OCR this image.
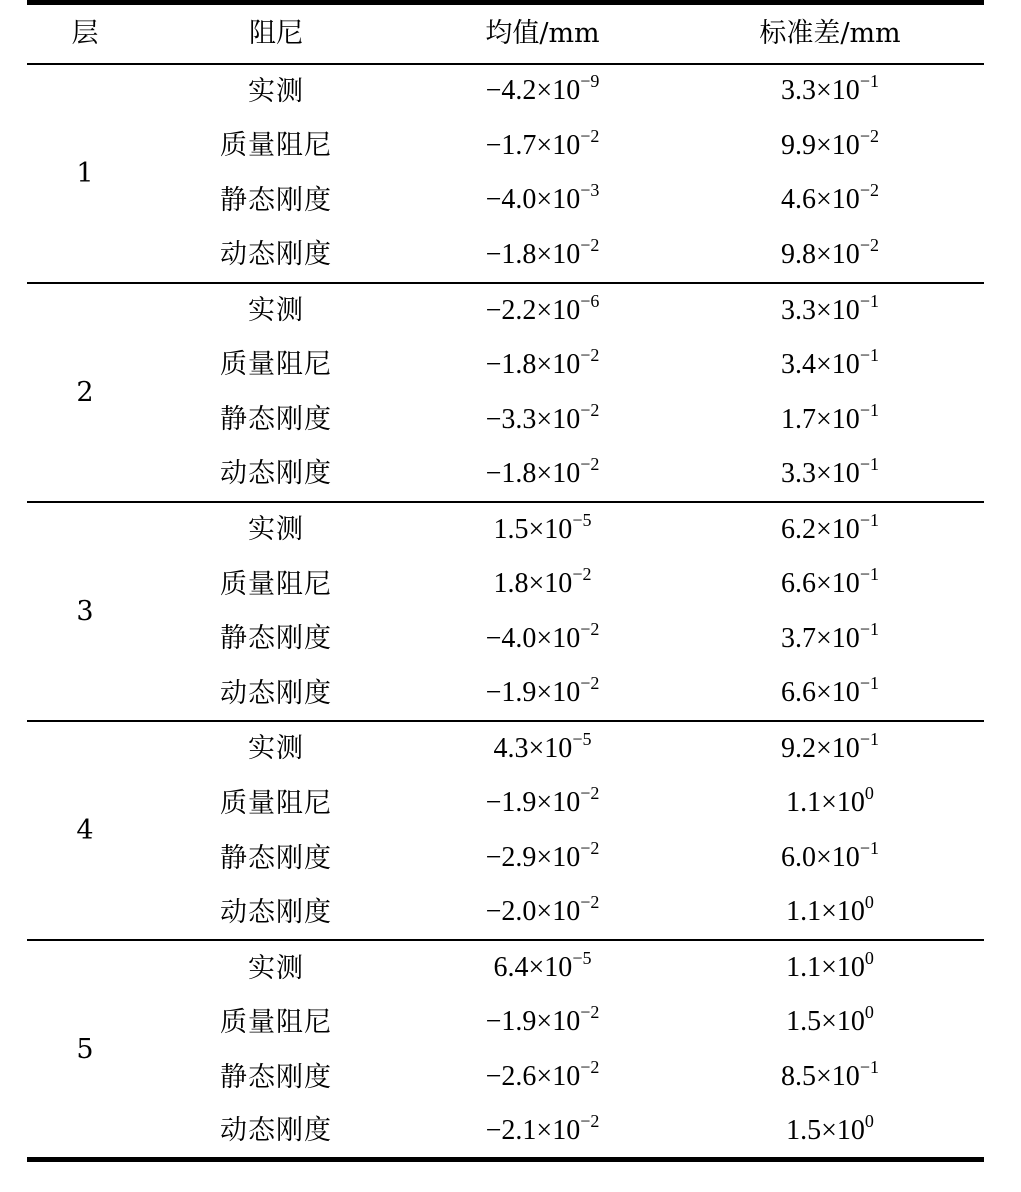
层	阻尼	均值/mm	标准差/mm
1	实测	$-4.2\times 10^{-9}$	$3.3\times 10^{-1}$
	质量阻尼	$-1.7\times 10^{-2}$	$9.9\times 10^{-2}$
	静态刚度	$-4.0\times 10^{-3}$	$4.6\times 10^{-2}$
	动态刚度	$-1.8\times 10^{-2}$	$9.8\times 10^{-2}$
2	实测	$-2.2\times 10^{-6}$	$3.3\times 10^{-1}$
	质量阻尼	$-1.8\times 10^{-2}$	$3.4\times 10^{-1}$
	静态刚度	$-3.3\times 10^{-2}$	$1.7\times 10^{-1}$
	动态刚度	$-1.8\times 10^{-2}$	$3.3\times 10^{-1}$
3	实测	$1.5\times 10^{-5}$	$6.2\times 10^{-1}$
	质量阻尼	$1.8\times 10^{-2}$	$6.6\times 10^{-1}$
	静态刚度	$-4.0\times 10^{-2}$	$3.7\times 10^{-1}$
	动态刚度	$-1.9\times 10^{-2}$	$6.6\times 10^{-1}$
4	实测	$4.3\times 10^{-5}$	$9.2\times 10^{-1}$
	质量阻尼	$-1.9\times 10^{-2}$	$1.1\times 10^0$
	静态刚度	$-2.9\times 10^{-2}$	$6.0\times 10^{-1}$
	动态刚度	$-2.0\times 10^{-2}$	$1.1\times 10^0$
5	实测	$6.4\times 10^{-5}$	$1.1\times 10^0$
	质量阻尼	$-1.9\times 10^{-2}$	$1.5\times 10^0$
	静态刚度	$-2.6\times 10^{-2}$	$8.5\times 10^{-1}$
	动态刚度	$-2.1\times 10^{-2}$	$1.5\times 10^0$
